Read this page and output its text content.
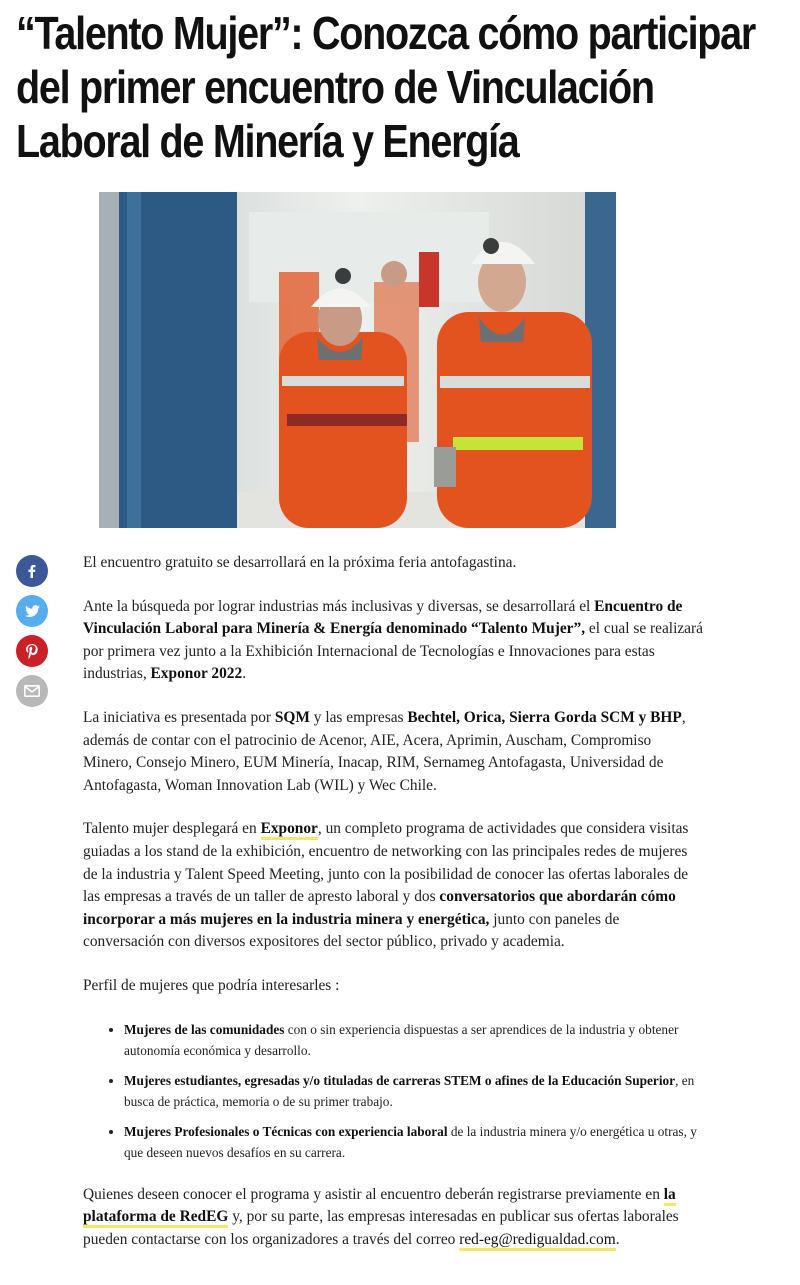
“Talento Mujer”: Conozca cómo participar del primer encuentro de Vinculación Laboral de Minería y Energía

El encuentro gratuito se desarrollará en la próxima feria antofagastina.

Ante la búsqueda por lograr industrias más inclusivas y diversas, se desarrollará el Encuentro de Vinculación Laboral para Minería & Energía denominado “Talento Mujer”, el cual se realizará por primera vez junto a la Exhibición Internacional de Tecnologías e Innovaciones para estas industrias, Exponor 2022.

La iniciativa es presentada por SQM y las empresas Bechtel, Orica, Sierra Gorda SCM y BHP, además de contar con el patrocinio de Acenor, AIE, Acera, Aprimin, Auscham, Compromiso Minero, Consejo Minero, EUM Minería, Inacap, RIM, Sernameg Antofagasta, Universidad de Antofagasta, Woman Innovation Lab (WIL) y Wec Chile.

Talento mujer desplegará en Exponor, un completo programa de actividades que considera visitas guiadas a los stand de la exhibición, encuentro de networking con las principales redes de mujeres de la industria y Talent Speed Meeting, junto con la posibilidad de conocer las ofertas laborales de las empresas a través de un taller de apresto laboral y dos conversatorios que abordarán cómo incorporar a más mujeres en la industria minera y energética, junto con paneles de conversación con diversos expositores del sector público, privado y academia.

Perfil de mujeres que podría interesarles :

• Mujeres de las comunidades con o sin experiencia dispuestas a ser aprendices de la industria y obtener autonomía económica y desarrollo.
• Mujeres estudiantes, egresadas y/o tituladas de carreras STEM o afines de la Educación Superior, en busca de práctica, memoria o de su primer trabajo.
• Mujeres Profesionales o Técnicas con experiencia laboral de la industria minera y/o energética u otras, y que deseen nuevos desafíos en su carrera.

Quienes deseen conocer el programa y asistir al encuentro deberán registrarse previamente en la plataforma de RedEG y, por su parte, las empresas interesadas en publicar sus ofertas laborales pueden contactarse con los organizadores a través del correo red-eg@redigualdad.com.
